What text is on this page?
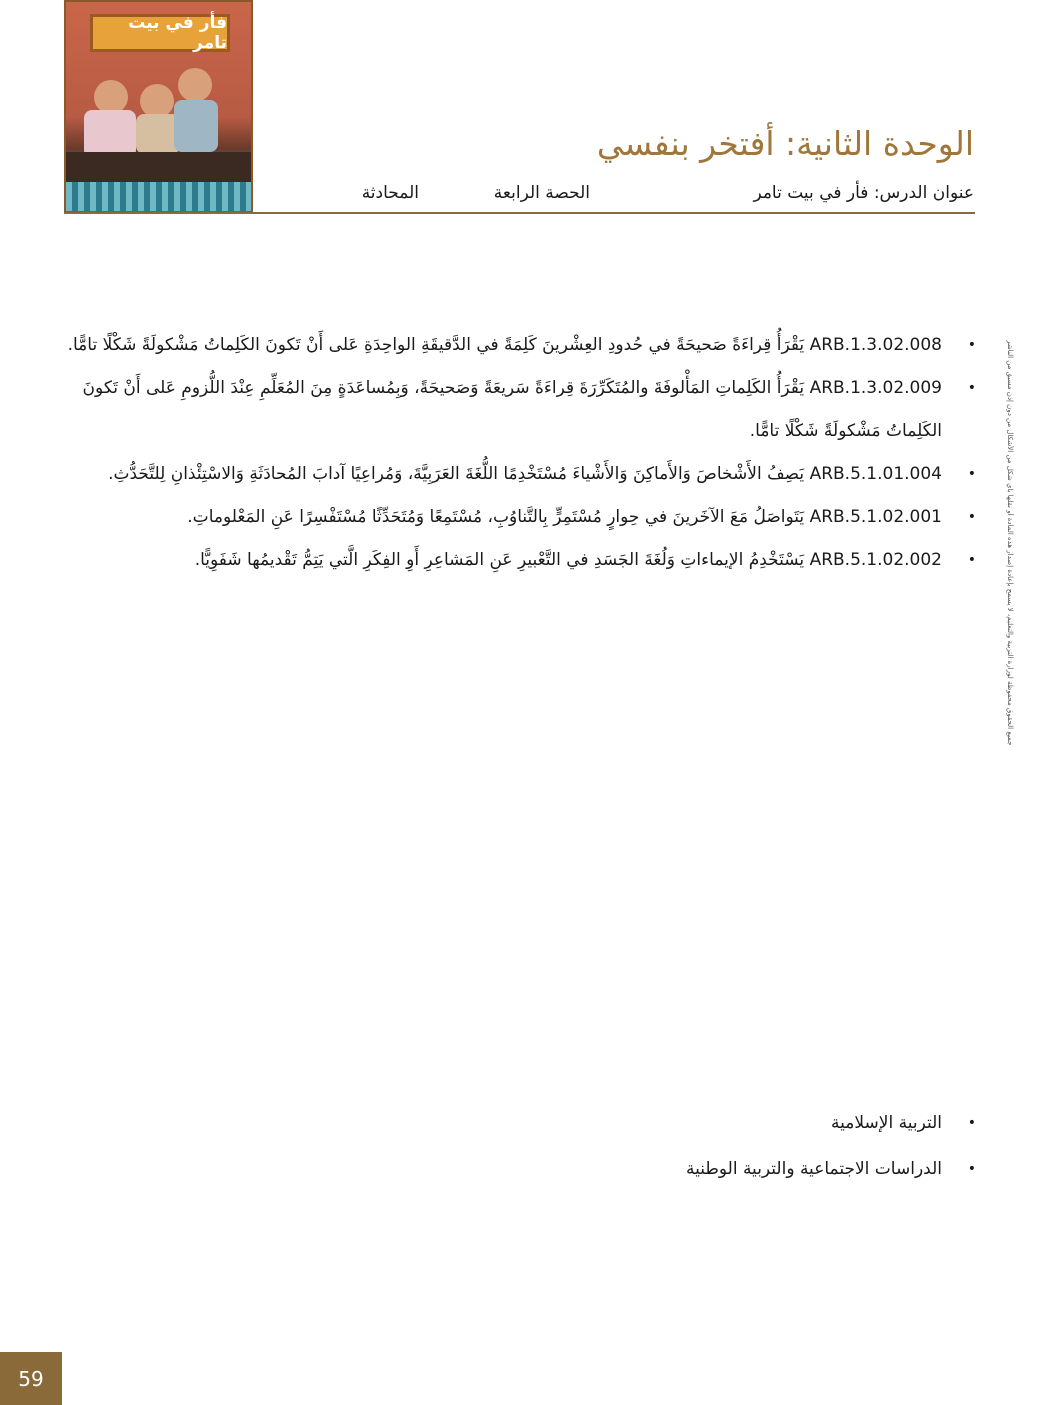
فأر في بيت تامر
الوحدة الثانية: أفتخر بنفسي
عنوان الدرس: فأر في بيت تامر
الحصة الرابعة
المحادثة
•
ARB.1.3.02.008 يَقْرَأُ قِراءَةً صَحيحَةً في حُدودِ العِشْرينَ كَلِمَةً في الدَّقيقَةِ الواحِدَةِ عَلى أَنْ تَكونَ الكَلِماتُ مَشْكولَةً شَكْلًا تامًّا.
•
ARB.1.3.02.009 يَقْرَأُ الكَلِماتِ المَأْلوفَةَ والمُتَكَرِّرَةَ قِراءَةً سَريعَةً وَصَحيحَةً، وَبِمُساعَدَةٍ مِنَ المُعَلِّمِ عِنْدَ اللُّزومِ عَلى أَنْ تَكونَ الكَلِماتُ مَشْكولَةً شَكْلًا تامًّا.
•
ARB.5.1.01.004 يَصِفُ الأَشْخاصَ وَالأَماكِنَ وَالأَشْياءَ مُسْتَخْدِمًا اللُّغَةَ العَرَبِيَّةَ، وَمُراعِيًا آدابَ المُحادَثَةِ وَالاسْتِئْذانِ لِلتَّحَدُّثِ.
•
ARB.5.1.02.001 يَتَواصَلُ مَعَ الآخَرينَ في حِوارٍ مُسْتَمِرٍّ بِالتَّناوُبِ، مُسْتَمِعًا وَمُتَحَدِّثًا مُسْتَفْسِرًا عَنِ المَعْلوماتِ.
•
ARB.5.1.02.002 يَسْتَخْدِمُ الإيماءاتِ وَلُغَةَ الجَسَدِ في التَّعْبيرِ عَنِ المَشاعِرِ أَوِ الفِكَرِ الَّتي يَتِمُّ تَقْديمُها شَفَوِيًّا.
•
التربية الإسلامية
•
الدراسات الاجتماعية والتربية الوطنية
جميع الحقوق محفوظة لوزارة التربية والتعليم، لا يسمح بإعادة إصدار هذه المادة أو نقلها بأي شكل من الأشكال من دون إذن مسبق من الناشر
59
